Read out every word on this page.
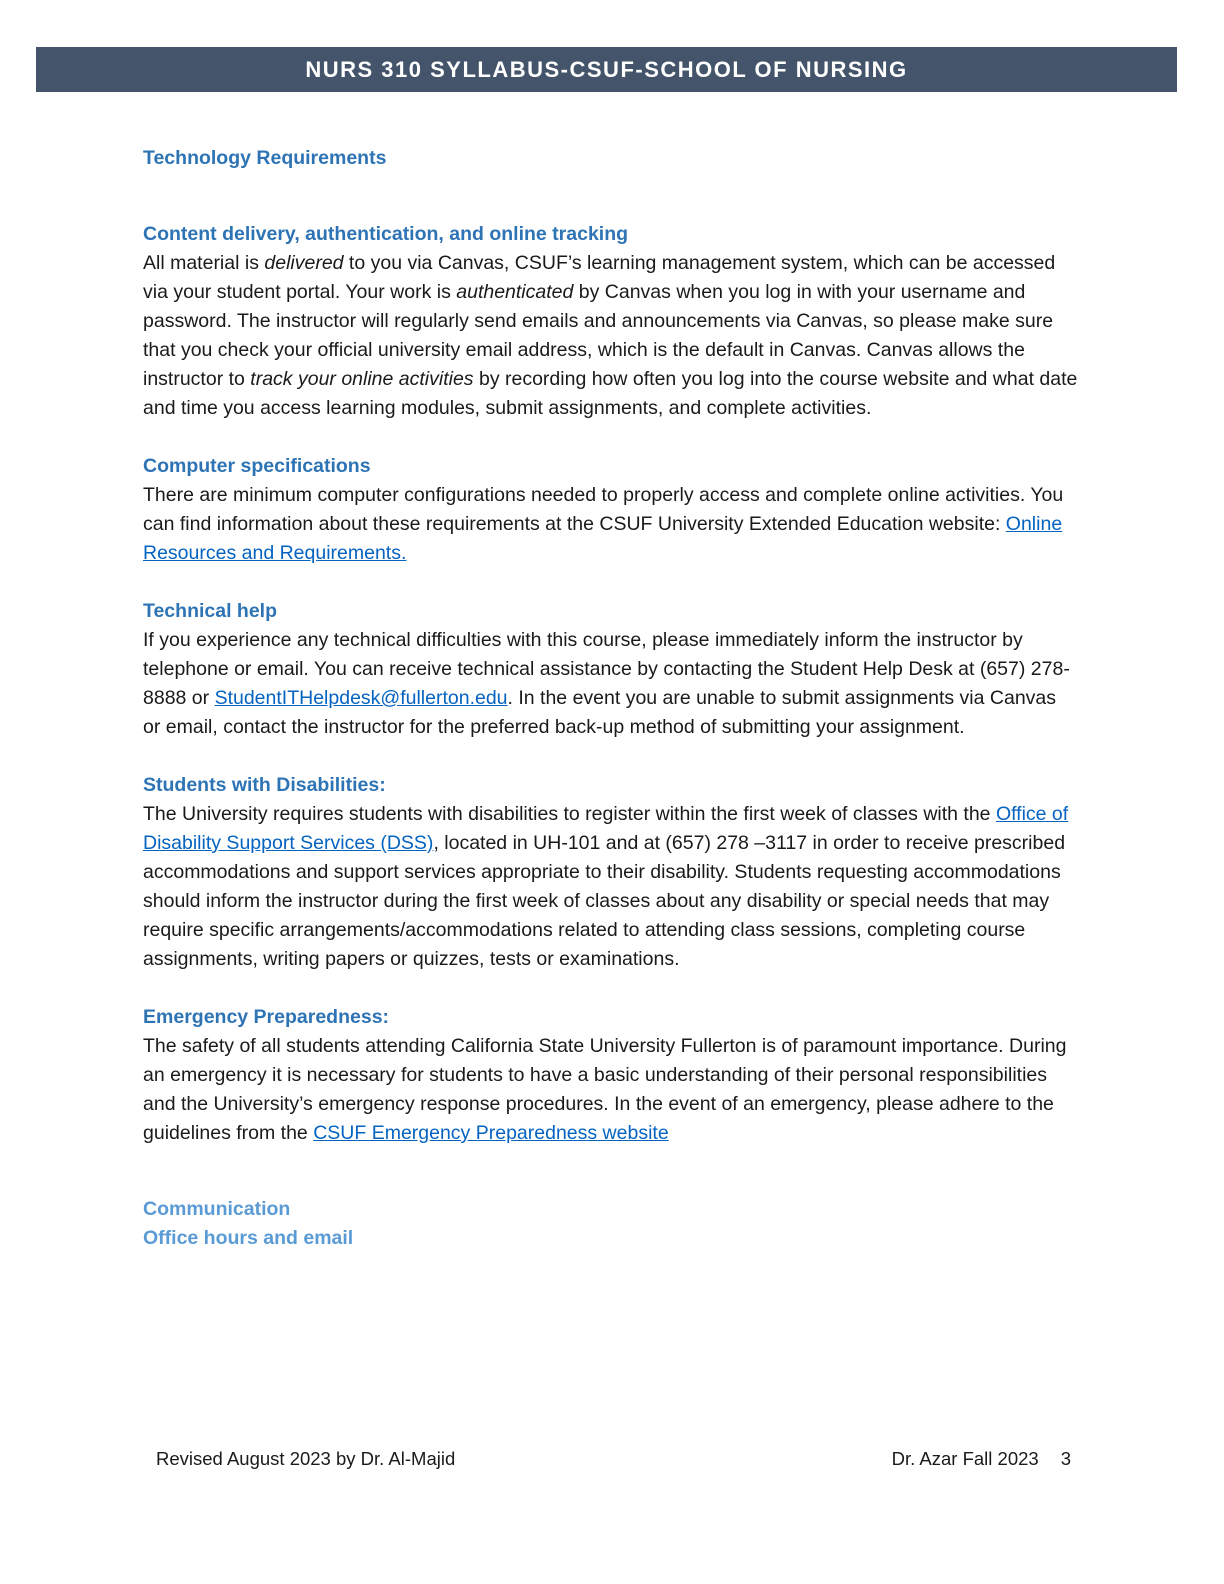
NURS 310 SYLLABUS-CSUF-SCHOOL OF NURSING
Technology Requirements
Content delivery, authentication, and online tracking

All material is delivered to you via Canvas, CSUF’s learning management system, which can be accessed via your student portal. Your work is authenticated by Canvas when you log in with your username and password. The instructor will regularly send emails and announcements via Canvas, so please make sure that you check your official university email address, which is the default in Canvas. Canvas allows the instructor to track your online activities by recording how often you log into the course website and what date and time you access learning modules, submit assignments, and complete activities.

Computer specifications

There are minimum computer configurations needed to properly access and complete online activities. You can find information about these requirements at the CSUF University Extended Education website: Online Resources and Requirements.

Technical help

If you experience any technical difficulties with this course, please immediately inform the instructor by telephone or email. You can receive technical assistance by contacting the Student Help Desk at (657) 278-8888 or StudentITHelpdesk@fullerton.edu. In the event you are unable to submit assignments via Canvas or email, contact the instructor for the preferred back-up method of submitting your assignment.

Students with Disabilities:

The University requires students with disabilities to register within the first week of classes with the Office of Disability Support Services (DSS), located in UH-101 and at (657) 278 –3117 in order to receive prescribed accommodations and support services appropriate to their disability. Students requesting accommodations should inform the instructor during the first week of classes about any disability or special needs that may require specific arrangements/accommodations related to attending class sessions, completing course assignments, writing papers or quizzes, tests or examinations.

Emergency Preparedness:

The safety of all students attending California State University Fullerton is of paramount importance. During an emergency it is necessary for students to have a basic understanding of their personal responsibilities and the University’s emergency response procedures. In the event of an emergency, please adhere to the guidelines from the CSUF Emergency Preparedness website

Communication
Office hours and email
Revised August 2023 by Dr. Al-Majid	Dr. Azar Fall 2023 3
